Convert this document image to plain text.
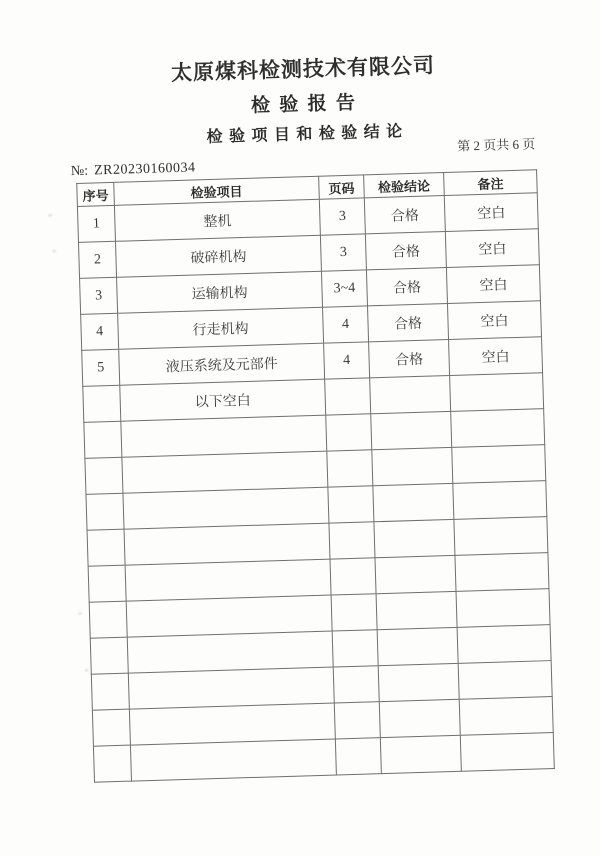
太原煤科检测技术有限公司
检 验 报 告
检 验 项 目 和 检 验 结 论	第 2 页共 6 页
№: ZR20230160034
序号	检验项目	页码	检验结论	备注
1	整机	3	合格	空白
2	破碎机构	3	合格	空白
3	运输机构	3~4	合格	空白
4	行走机构	4	合格	空白
5	液压系统及元部件	4	合格	空白
	以下空白			
